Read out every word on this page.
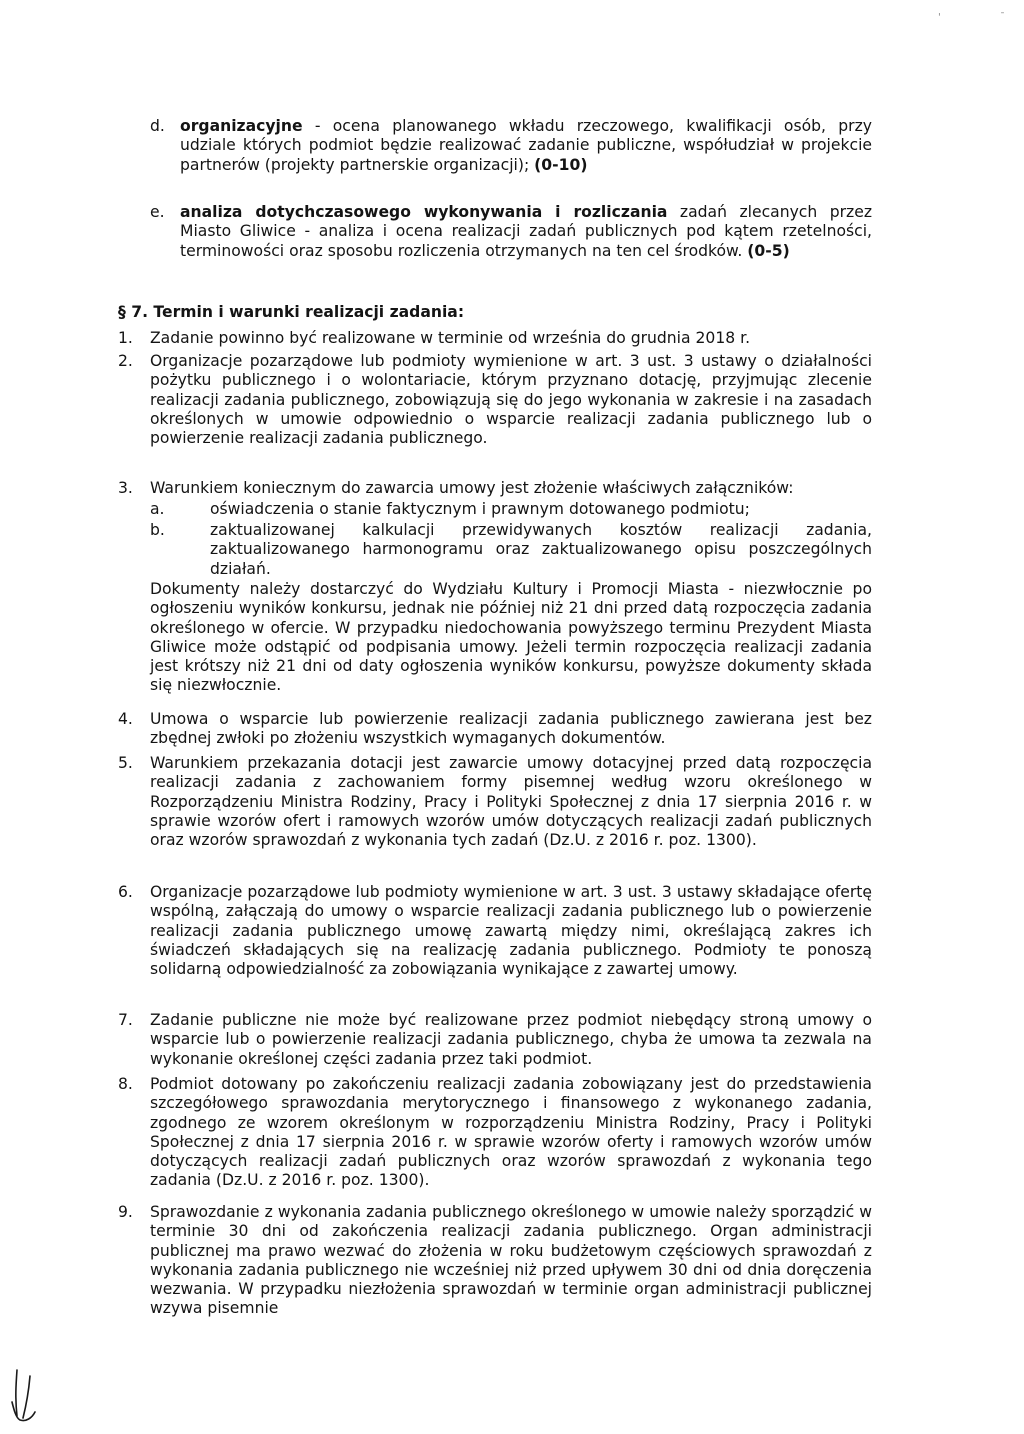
d. organizacyjne - ocena planowanego wkładu rzeczowego, kwalifikacji osób, przy udziale których podmiot będzie realizować zadanie publiczne, współudział w projekcie partnerów (projekty partnerskie organizacji); (0-10)
e. analiza dotychczasowego wykonywania i rozliczania zadań zlecanych przez Miasto Gliwice - analiza i ocena realizacji zadań publicznych pod kątem rzetelności, terminowości oraz sposobu rozliczenia otrzymanych na ten cel środków. (0-5)
§ 7. Termin i warunki realizacji zadania:
1. Zadanie powinno być realizowane w terminie od września do grudnia 2018 r.
2. Organizacje pozarządowe lub podmioty wymienione w art. 3 ust. 3 ustawy o działalności pożytku publicznego i o wolontariacie, którym przyznano dotację, przyjmując zlecenie realizacji zadania publicznego, zobowiązują się do jego wykonania w zakresie i na zasadach określonych w umowie odpowiednio o wsparcie realizacji zadania publicznego lub o powierzenie realizacji zadania publicznego.
3. Warunkiem koniecznym do zawarcia umowy jest złożenie właściwych załączników:
a.	oświadczenia o stanie faktycznym i prawnym dotowanego podmiotu;
b.	zaktualizowanej kalkulacji przewidywanych kosztów realizacji zadania, zaktualizowanego harmonogramu oraz zaktualizowanego opisu poszczególnych działań.
Dokumenty należy dostarczyć do Wydziału Kultury i Promocji Miasta - niezwłocznie po ogłoszeniu wyników konkursu, jednak nie później niż 21 dni przed datą rozpoczęcia zadania określonego w ofercie. W przypadku niedochowania powyższego terminu Prezydent Miasta Gliwice może odstąpić od podpisania umowy. Jeżeli termin rozpoczęcia realizacji zadania jest krótszy niż 21 dni od daty ogłoszenia wyników konkursu, powyższe dokumenty składa się niezwłocznie.
4. Umowa o wsparcie lub powierzenie realizacji zadania publicznego zawierana jest bez zbędnej zwłoki po złożeniu wszystkich wymaganych dokumentów.
5. Warunkiem przekazania dotacji jest zawarcie umowy dotacyjnej przed datą rozpoczęcia realizacji zadania z zachowaniem formy pisemnej według wzoru określonego w Rozporządzeniu Ministra Rodziny, Pracy i Polityki Społecznej z dnia 17 sierpnia 2016 r. w sprawie wzorów ofert i ramowych wzorów umów dotyczących realizacji zadań publicznych oraz wzorów sprawozdań z wykonania tych zadań (Dz.U. z 2016 r. poz. 1300).
6. Organizacje pozarządowe lub podmioty wymienione w art. 3 ust. 3 ustawy składające ofertę wspólną, załączają do umowy o wsparcie realizacji zadania publicznego lub o powierzenie realizacji zadania publicznego umowę zawartą między nimi, określającą zakres ich świadczeń składających się na realizację zadania publicznego. Podmioty te ponoszą solidarną odpowiedzialność za zobowiązania wynikające z zawartej umowy.
7. Zadanie publiczne nie może być realizowane przez podmiot niebędący stroną umowy o wsparcie lub o powierzenie realizacji zadania publicznego, chyba że umowa ta zezwala na wykonanie określonej części zadania przez taki podmiot.
8. Podmiot dotowany po zakończeniu realizacji zadania zobowiązany jest do przedstawienia szczegółowego sprawozdania merytorycznego i finansowego z wykonanego zadania, zgodnego ze wzorem określonym w rozporządzeniu Ministra Rodziny, Pracy i Polityki Społecznej z dnia 17 sierpnia 2016 r. w sprawie wzorów oferty i ramowych wzorów umów dotyczących realizacji zadań publicznych oraz wzorów sprawozdań z wykonania tego zadania (Dz.U. z 2016 r. poz. 1300).
9. Sprawozdanie z wykonania zadania publicznego określonego w umowie należy sporządzić w terminie 30 dni od zakończenia realizacji zadania publicznego. Organ administracji publicznej ma prawo wezwać do złożenia w roku budżetowym częściowych sprawozdań z wykonania zadania publicznego nie wcześniej niż przed upływem 30 dni od dnia doręczenia wezwania. W przypadku niezłożenia sprawozdań w terminie organ administracji publicznej wzywa pisemnie
'	ˉ
